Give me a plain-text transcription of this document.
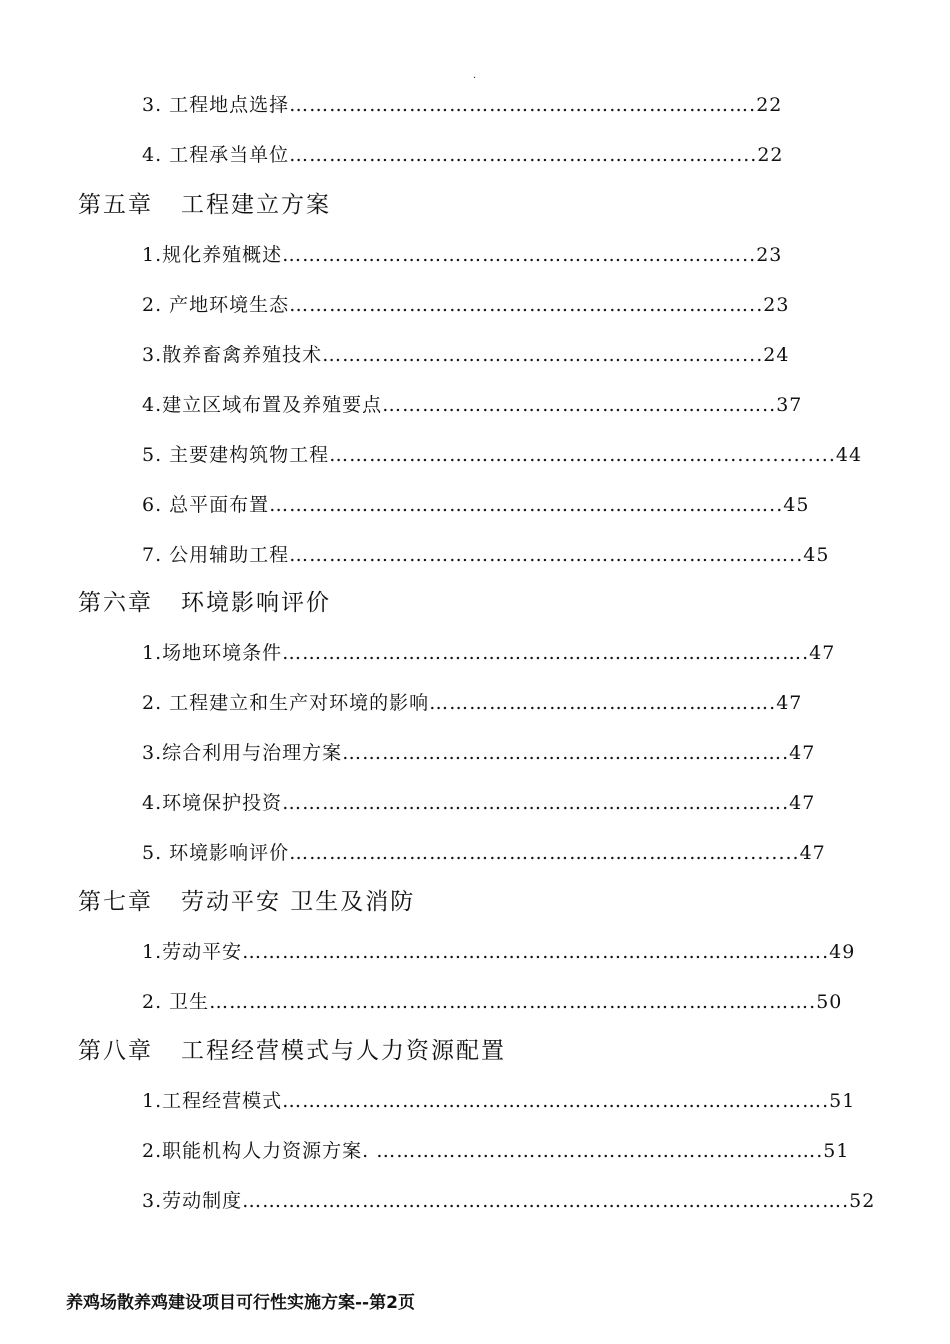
.
3. 工程地点选择…………………………………………………………….22
4. 工程承当单位…………………………………………………………....22
第五章 工程建立方案
1.规化养殖概述……………………………………………………………..23
2. 产地环境生态……………………………………………………………..23
3.散养畜禽养殖技术………………………………………………………...24
4.建立区域布置及养殖要点…………………………………………………..37
5. 主要建构筑物工程…………………………………………………..................44
6. 总平面布置…………………………………………………………………..45
7. 公用辅助工程…………………………………………………………………..45
第六章 环境影响评价
1.场地环境条件…………………………………………………………………….47
2. 工程建立和生产对环境的影响…………………………………………….47
3.综合利用与治理方案………………………………………………………….47
4.环境保护投资………………………………………………………………….47
5. 环境影响评价…………………………………………………………..........47
第七章 劳动平安 卫生及消防
1.劳动平安…………………………………………………………………………….49
2. 卫生……………………………………………………………………………….50
第八章 工程经营模式与人力资源配置
1.工程经营模式……………………………………………………………………….51
2.职能机构人力资源方案. ………………………………………………………….51
3.劳动制度……………………………………………………………………………….52
养鸡场散养鸡建设项目可行性实施方案--第2页
